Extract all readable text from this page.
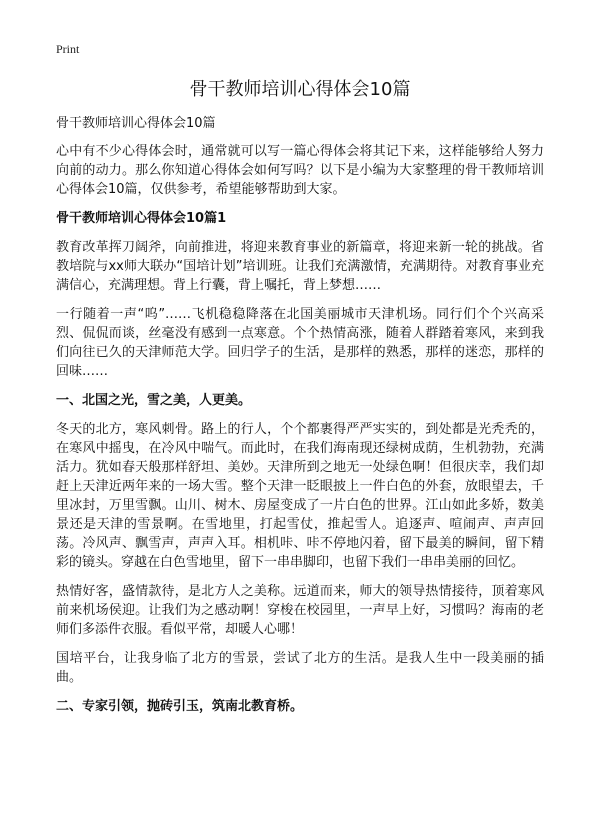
Print
骨干教师培训心得体会10篇

骨干教师培训心得体会10篇

心中有不少心得体会时，通常就可以写一篇心得体会将其记下来，这样能够给人努力向前的动力。那么你知道心得体会如何写吗？以下是小编为大家整理的骨干教师培训心得体会10篇，仅供参考，希望能够帮助到大家。

骨干教师培训心得体会10篇1

教育改革挥刀阔斧，向前推进，将迎来教育事业的新篇章，将迎来新一轮的挑战。省教培院与xx师大联办“国培计划”培训班。让我们充满激情，充满期待。对教育事业充满信心，充满理想。背上行囊，背上嘱托，背上梦想……

一行随着一声“呜”……飞机稳稳降落在北国美丽城市天津机场。同行们个个兴高采烈、侃侃而谈，丝毫没有感到一点寒意。个个热情高涨，随着人群踏着寒风，来到我们向往已久的天津师范大学。回归学子的生活，是那样的熟悉，那样的迷恋，那样的回味……

一、北国之光，雪之美，人更美。

冬天的北方，寒风刺骨。路上的行人，个个都裹得严严实实的，到处都是光秃秃的，在寒风中摇曳，在冷风中喘气。而此时，在我们海南现还绿树成荫，生机勃勃，充满活力。犹如春天般那样舒坦、美妙。天津所到之地无一处绿色啊！但很庆幸，我们却赶上天津近两年来的一场大雪。整个天津一眨眼披上一件白色的外套，放眼望去，千里冰封，万里雪飘。山川、树木、房屋变成了一片白色的世界。江山如此多娇，数美景还是天津的雪景啊。在雪地里，打起雪仗，推起雪人。追逐声、喧闹声、声声回荡。冷风声、飘雪声，声声入耳。相机咔、咔不停地闪着，留下最美的瞬间，留下精彩的镜头。穿越在白色雪地里，留下一串串脚印，也留下我们一串串美丽的回忆。

热情好客，盛情款待，是北方人之美称。远道而来，师大的领导热情接待，顶着寒风前来机场侯迎。让我们为之感动啊！穿梭在校园里，一声早上好，习惯吗？海南的老师们多添件衣服。看似平常，却暖人心哪！

国培平台，让我身临了北方的雪景，尝试了北方的生活。是我人生中一段美丽的插曲。

二、专家引领，抛砖引玉，筑南北教育桥。
